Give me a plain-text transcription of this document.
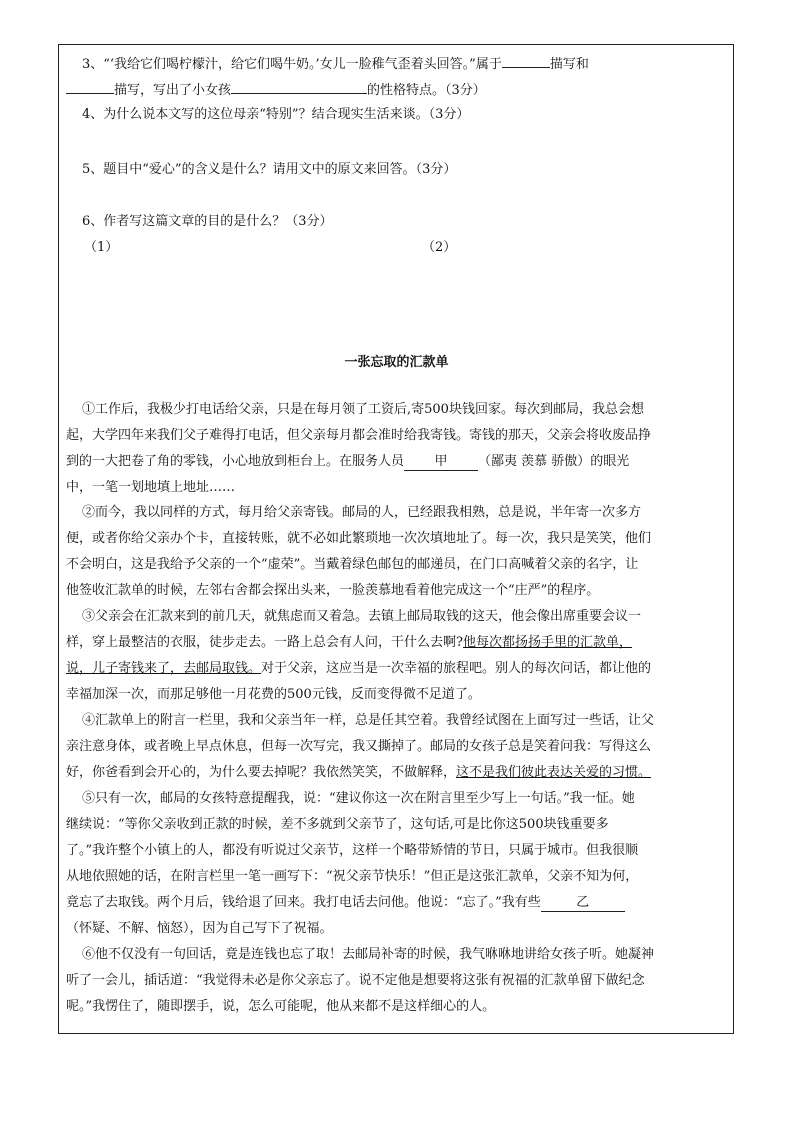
3、“‘我给它们喝柠檬汁，给它们喝牛奶。’女儿一脸稚气歪着头回答。”属于	描写和
描写，写出了小女孩	的性格特点。（3分）
4、为什么说本文写的这位母亲“特别”？结合现实生活来谈。（3分）
5、题目中“爱心”的含义是什么？请用文中的原文来回答。（3分）
6、作者写这篇文章的目的是什么？（3分）
（1）	（2）
一张忘取的汇款单
①工作后，我极少打电话给父亲，只是在每月领了工资后,寄500块钱回家。每次到邮局，我总会想
起，大学四年来我们父子难得打电话，但父亲每月都会准时给我寄钱。寄钱的那天，父亲会将收废品挣
到的一大把卷了角的零钱，小心地放到柜台上。在服务人员 甲 （鄙夷 羡慕 骄傲）的眼光
中，一笔一划地填上地址……
②而今，我以同样的方式，每月给父亲寄钱。邮局的人，已经跟我相熟，总是说，半年寄一次多方
便，或者你给父亲办个卡，直接转账，就不必如此繁琐地一次次填地址了。每一次，我只是笑笑，他们
不会明白，这是我给予父亲的一个“虚荣”。当戴着绿色邮包的邮递员，在门口高喊着父亲的名字，让
他签收汇款单的时候，左邻右舍都会探出头来，一脸羡慕地看着他完成这一个“庄严”的程序。
③父亲会在汇款来到的前几天，就焦虑而又着急。去镇上邮局取钱的这天，他会像出席重要会议一
样，穿上最整洁的衣服，徒步走去。一路上总会有人问，干什么去啊?他每次都扬扬手里的汇款单，
说，儿子寄钱来了，去邮局取钱。对于父亲，这应当是一次幸福的旅程吧。别人的每次问话，都让他的
幸福加深一次，而那足够他一月花费的500元钱，反而变得微不足道了。
④汇款单上的附言一栏里，我和父亲当年一样，总是任其空着。我曾经试图在上面写过一些话，让父
亲注意身体，或者晚上早点休息，但每一次写完，我又撕掉了。邮局的女孩子总是笑着问我：写得这么
好，你爸看到会开心的，为什么要去掉呢？我依然笑笑，不做解释，这不是我们彼此表达关爱的习惯。
⑤只有一次，邮局的女孩特意提醒我，说：“建议你这一次在附言里至少写上一句话。”我一怔。她
继续说：“等你父亲收到正款的时候，差不多就到父亲节了，这句话,可是比你这500块钱重要多
了。”我许整个小镇上的人，都没有听说过父亲节，这样一个略带矫情的节日，只属于城市。但我很顺
从地依照她的话，在附言栏里一笔一画写下：“祝父亲节快乐！”但正是这张汇款单，父亲不知为何，
竟忘了去取钱。两个月后，钱给退了回来。我打电话去问他。他说：“忘了。”我有些	乙
（怀疑、不解、恼怒），因为自己写下了祝福。
⑥他不仅没有一句回话，竟是连钱也忘了取！去邮局补寄的时候，我气咻咻地讲给女孩子听。她凝神
听了一会儿，插话道：“我觉得未必是你父亲忘了。说不定他是想要将这张有祝福的汇款单留下做纪念
呢。”我愣住了，随即摆手，说，怎么可能呢，他从来都不是这样细心的人。
